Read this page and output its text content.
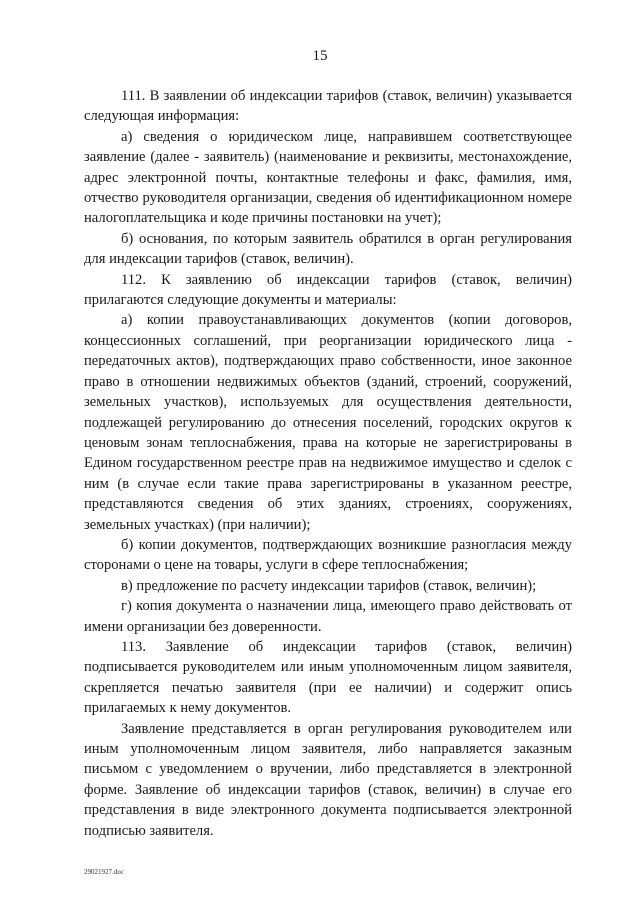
15

111. В заявлении об индексации тарифов (ставок, величин) указывается следующая информация:

а) сведения о юридическом лице, направившем соответствующее заявление (далее - заявитель) (наименование и реквизиты, местонахождение, адрес электронной почты, контактные телефоны и факс, фамилия, имя, отчество руководителя организации, сведения об идентификационном номере налогоплательщика и коде причины постановки на учет);

б) основания, по которым заявитель обратился в орган регулирования для индексации тарифов (ставок, величин).

112. К заявлению об индексации тарифов (ставок, величин) прилагаются следующие документы и материалы:

а) копии правоустанавливающих документов (копии договоров, концессионных соглашений, при реорганизации юридического лица - передаточных актов), подтверждающих право собственности, иное законное право в отношении недвижимых объектов (зданий, строений, сооружений, земельных участков), используемых для осуществления деятельности, подлежащей регулированию до отнесения поселений, городских округов к ценовым зонам теплоснабжения, права на которые не зарегистрированы в Едином государственном реестре прав на недвижимое имущество и сделок с ним (в случае если такие права зарегистрированы в указанном реестре, представляются сведения об этих зданиях, строениях, сооружениях, земельных участках) (при наличии);

б) копии документов, подтверждающих возникшие разногласия между сторонами о цене на товары, услуги в сфере теплоснабжения;

в) предложение по расчету индексации тарифов (ставок, величин);

г) копия документа о назначении лица, имеющего право действовать от имени организации без доверенности.

113. Заявление об индексации тарифов (ставок, величин) подписывается руководителем или иным уполномоченным лицом заявителя, скрепляется печатью заявителя (при ее наличии) и содержит опись прилагаемых к нему документов.

Заявление представляется в орган регулирования руководителем или иным уполномоченным лицом заявителя, либо направляется заказным письмом с уведомлением о вручении, либо представляется в электронной форме. Заявление об индексации тарифов (ставок, величин) в случае его представления в виде электронного документа подписывается электронной подписью заявителя.

29021927.doc
